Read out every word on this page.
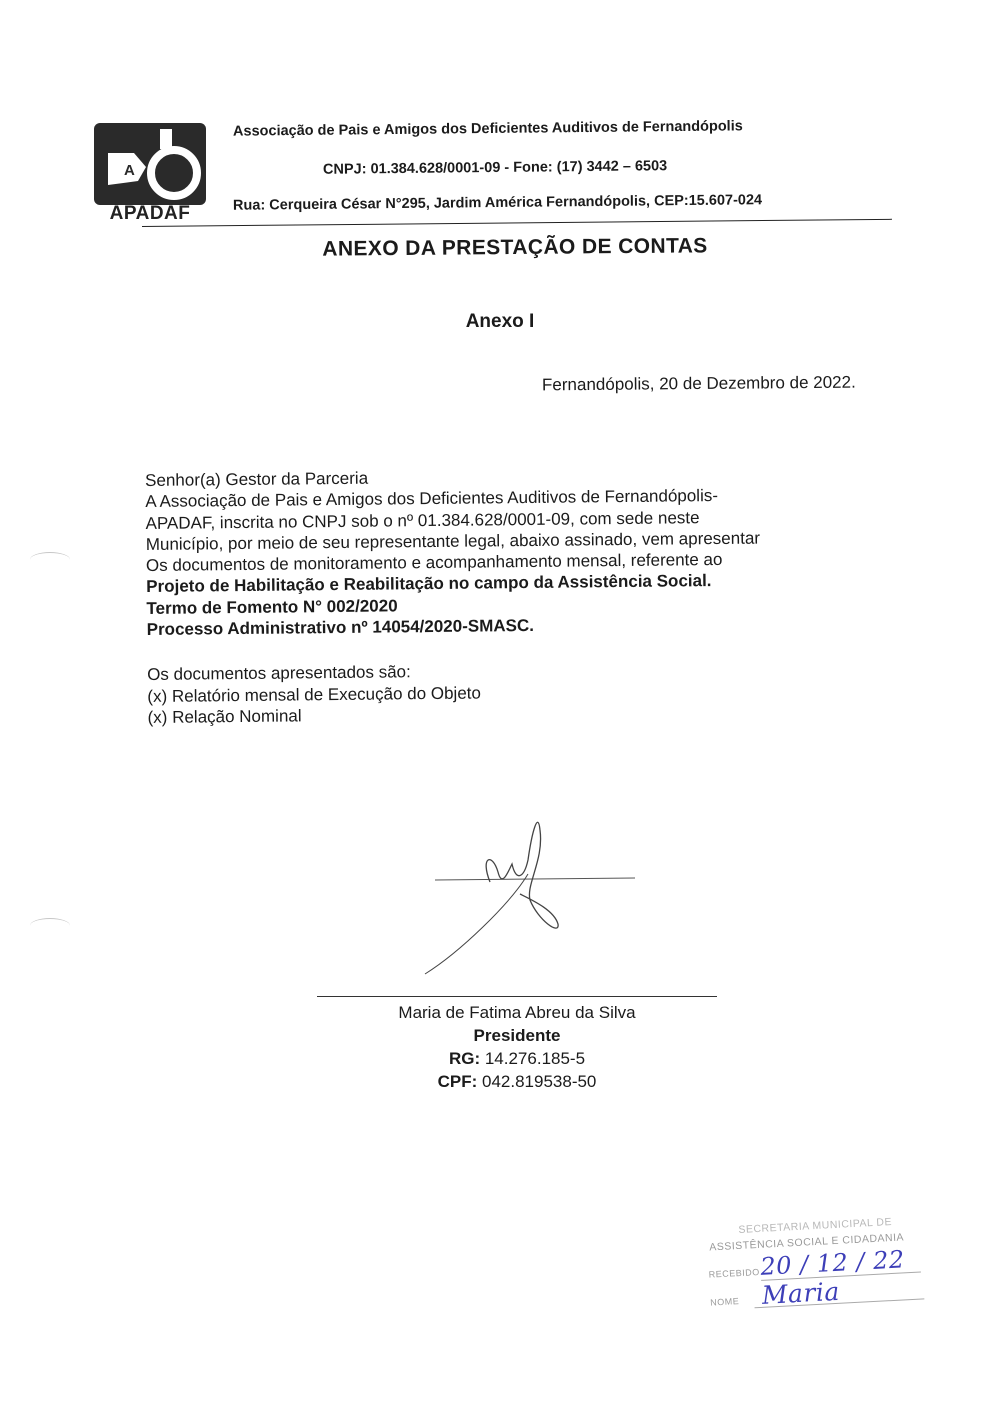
A
APADAF
Associação de Pais e Amigos dos Deficientes Auditivos de Fernandópolis
CNPJ: 01.384.628/0001-09 - Fone: (17) 3442 – 6503
Rua: Cerqueira César N°295, Jardim América Fernandópolis, CEP:15.607-024
ANEXO DA PRESTAÇÃO DE CONTAS
Anexo I
Fernandópolis, 20 de Dezembro de 2022.
Senhor(a) Gestor da Parceria
A Associação de Pais e Amigos dos Deficientes Auditivos de Fernandópolis-
APADAF, inscrita no CNPJ sob o nº 01.384.628/0001-09, com sede neste
Município, por meio de seu representante legal, abaixo assinado, vem apresentar
Os documentos de monitoramento e acompanhamento mensal, referente ao
Projeto de Habilitação e Reabilitação no campo da Assistência Social.
Termo de Fomento N° 002/2020
Processo Administrativo nº 14054/2020-SMASC.
Os documentos apresentados são:
(x) Relatório mensal de Execução do Objeto
(x) Relação Nominal
Maria de Fatima Abreu da Silva
Presidente
RG: 14.276.185-5
CPF: 042.819538-50
SECRETARIA MUNICIPAL DE
ASSISTÊNCIA SOCIAL E CIDADANIA
RECEBIDO 20 / 12 / 22
NOME Maria
